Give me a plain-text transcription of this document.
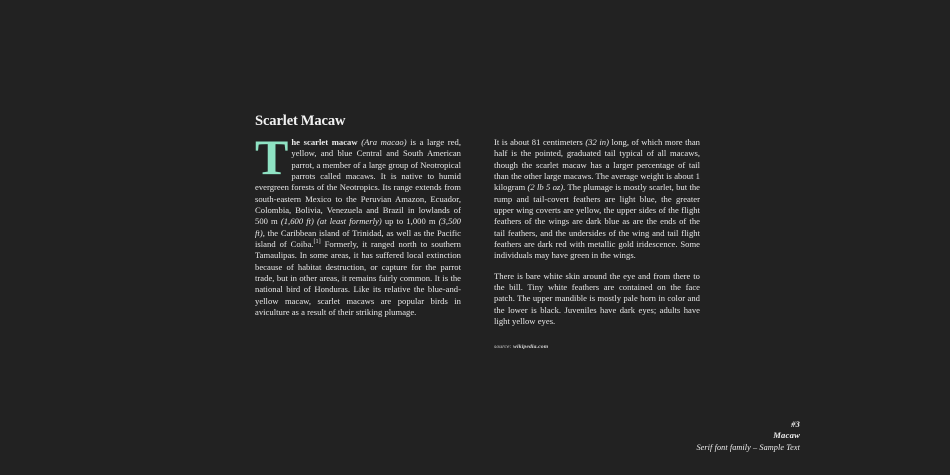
Scarlet Macaw

The scarlet macaw (Ara macao) is a large red, yellow, and blue Central and South American parrot, a member of a large group of Neotropical parrots called macaws. It is native to humid evergreen forests of the Neotropics. Its range extends from south-eastern Mexico to the Peruvian Amazon, Ecuador, Colombia, Bolivia, Venezuela and Brazil in lowlands of 500 m (1,600 ft) (at least formerly) up to 1,000 m (3,500 ft), the Caribbean island of Trinidad, as well as the Pacific island of Coiba.[1] Formerly, it ranged north to southern Tamaulipas. In some areas, it has suffered local extinction because of habitat destruction, or capture for the parrot trade, but in other areas, it remains fairly common. It is the national bird of Honduras. Like its relative the blue-and-yellow macaw, scarlet macaws are popular birds in aviculture as a result of their striking plumage.

It is about 81 centimeters (32 in) long, of which more than half is the pointed, graduated tail typical of all macaws, though the scarlet macaw has a larger percentage of tail than the other large macaws. The average weight is about 1 kilogram (2 lb 5 oz). The plumage is mostly scarlet, but the rump and tail-covert feathers are light blue, the greater upper wing coverts are yellow, the upper sides of the flight feathers of the wings are dark blue as are the ends of the tail feathers, and the undersides of the wing and tail flight feathers are dark red with metallic gold iridescence. Some individuals may have green in the wings.

There is bare white skin around the eye and from there to the bill. Tiny white feathers are contained on the face patch. The upper mandible is mostly pale horn in color and the lower is black. Juveniles have dark eyes; adults have light yellow eyes.

source: wikipedia.com

#3
Macaw
Serif font family – Sample Text
